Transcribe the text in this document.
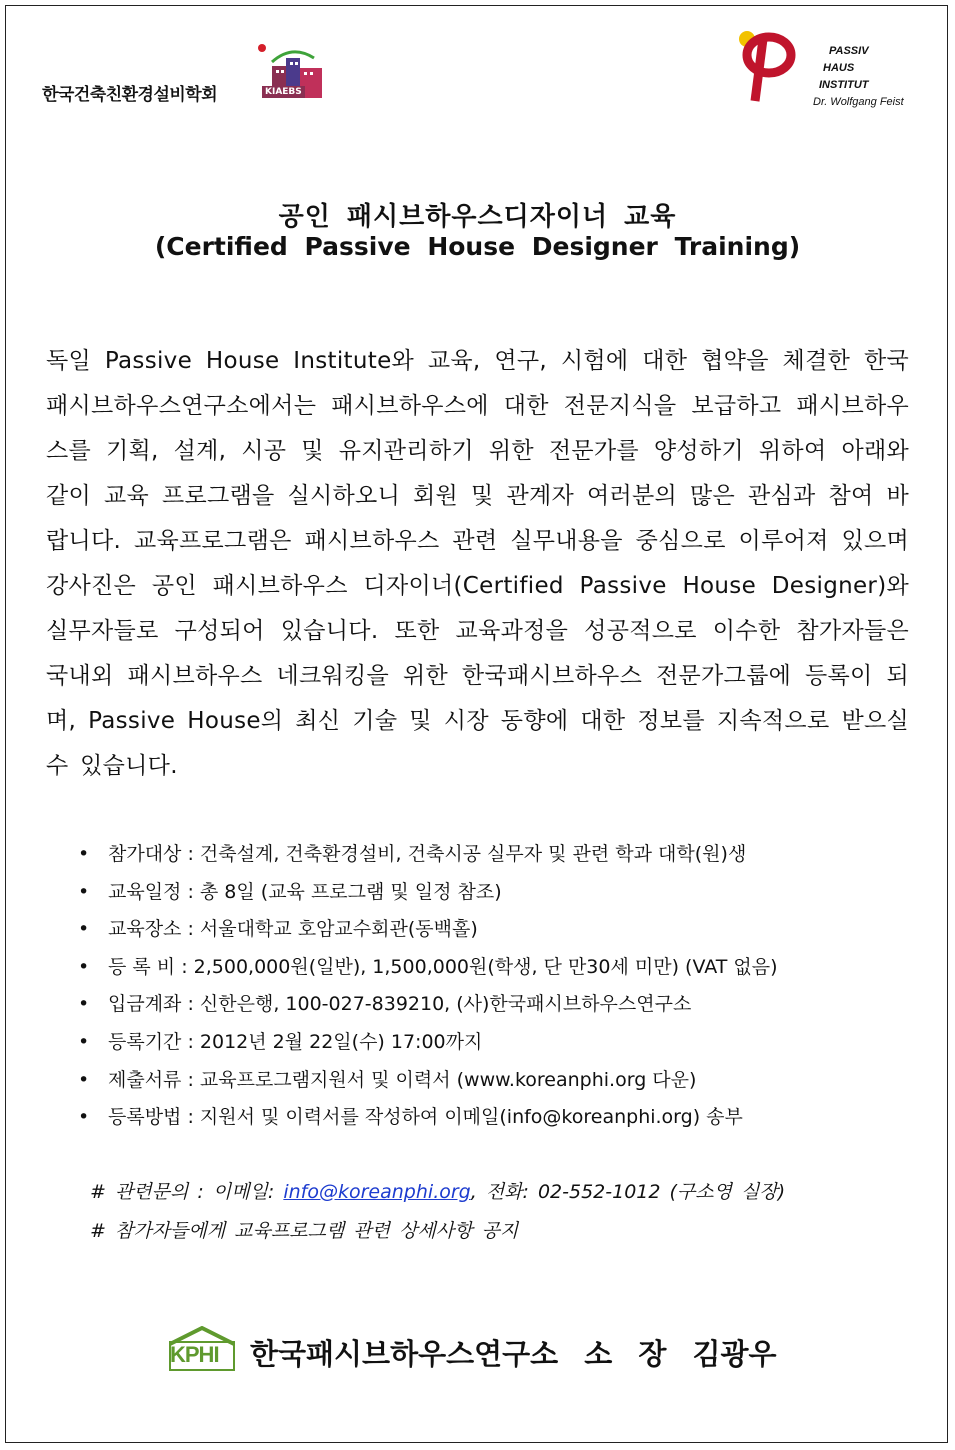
한국건축친환경설비학회	KIAEBS
PASSIV
HAUS
INSTITUT
Dr. Wolfgang Feist
공인 패시브하우스디자이너 교육
(Certified Passive House Designer Training)
독일 Passive House Institute와 교육, 연구, 시험에 대한 협약을 체결한 한국패시브하우스연구소에서는 패시브하우스에 대한 전문지식을 보급하고 패시브하우스를 기획, 설계, 시공 및 유지관리하기 위한 전문가를 양성하기 위하여 아래와 같이 교육 프로그램을 실시하오니 회원 및 관계자 여러분의 많은 관심과 참여 바랍니다. 교육프로그램은 패시브하우스 관련 실무내용을 중심으로 이루어져 있으며 강사진은 공인 패시브하우스 디자이너(Certified Passive House Designer)와 실무자들로 구성되어 있습니다. 또한 교육과정을 성공적으로 이수한 참가자들은 국내외 패시브하우스 네크워킹을 위한 한국패시브하우스 전문가그룹에 등록이 되며, Passive House의 최신 기술 및 시장 동향에 대한 정보를 지속적으로 받으실 수 있습니다.
• 참가대상 : 건축설계, 건축환경설비, 건축시공 실무자 및 관련 학과 대학(원)생
• 교육일정 : 총 8일 (교육 프로그램 및 일정 참조)
• 교육장소 : 서울대학교 호암교수회관(동백홀)
• 등 록 비 : 2,500,000원(일반), 1,500,000원(학생, 단 만30세 미만) (VAT 없음)
• 입금계좌 : 신한은행, 100-027-839210, (사)한국패시브하우스연구소
• 등록기간 : 2012년 2월 22일(수) 17:00까지
• 제출서류 : 교육프로그램지원서 및 이력서 (www.koreanphi.org 다운)
• 등록방법 : 지원서 및 이력서를 작성하여 이메일(info@koreanphi.org) 송부
# 관련문의 : 이메일: info@koreanphi.org, 전화: 02-552-1012 (구소영 실장)
# 참가자들에게 교육프로그램 관련 상세사항 공지
KPHI 한국패시브하우스연구소 소 장 김광우
